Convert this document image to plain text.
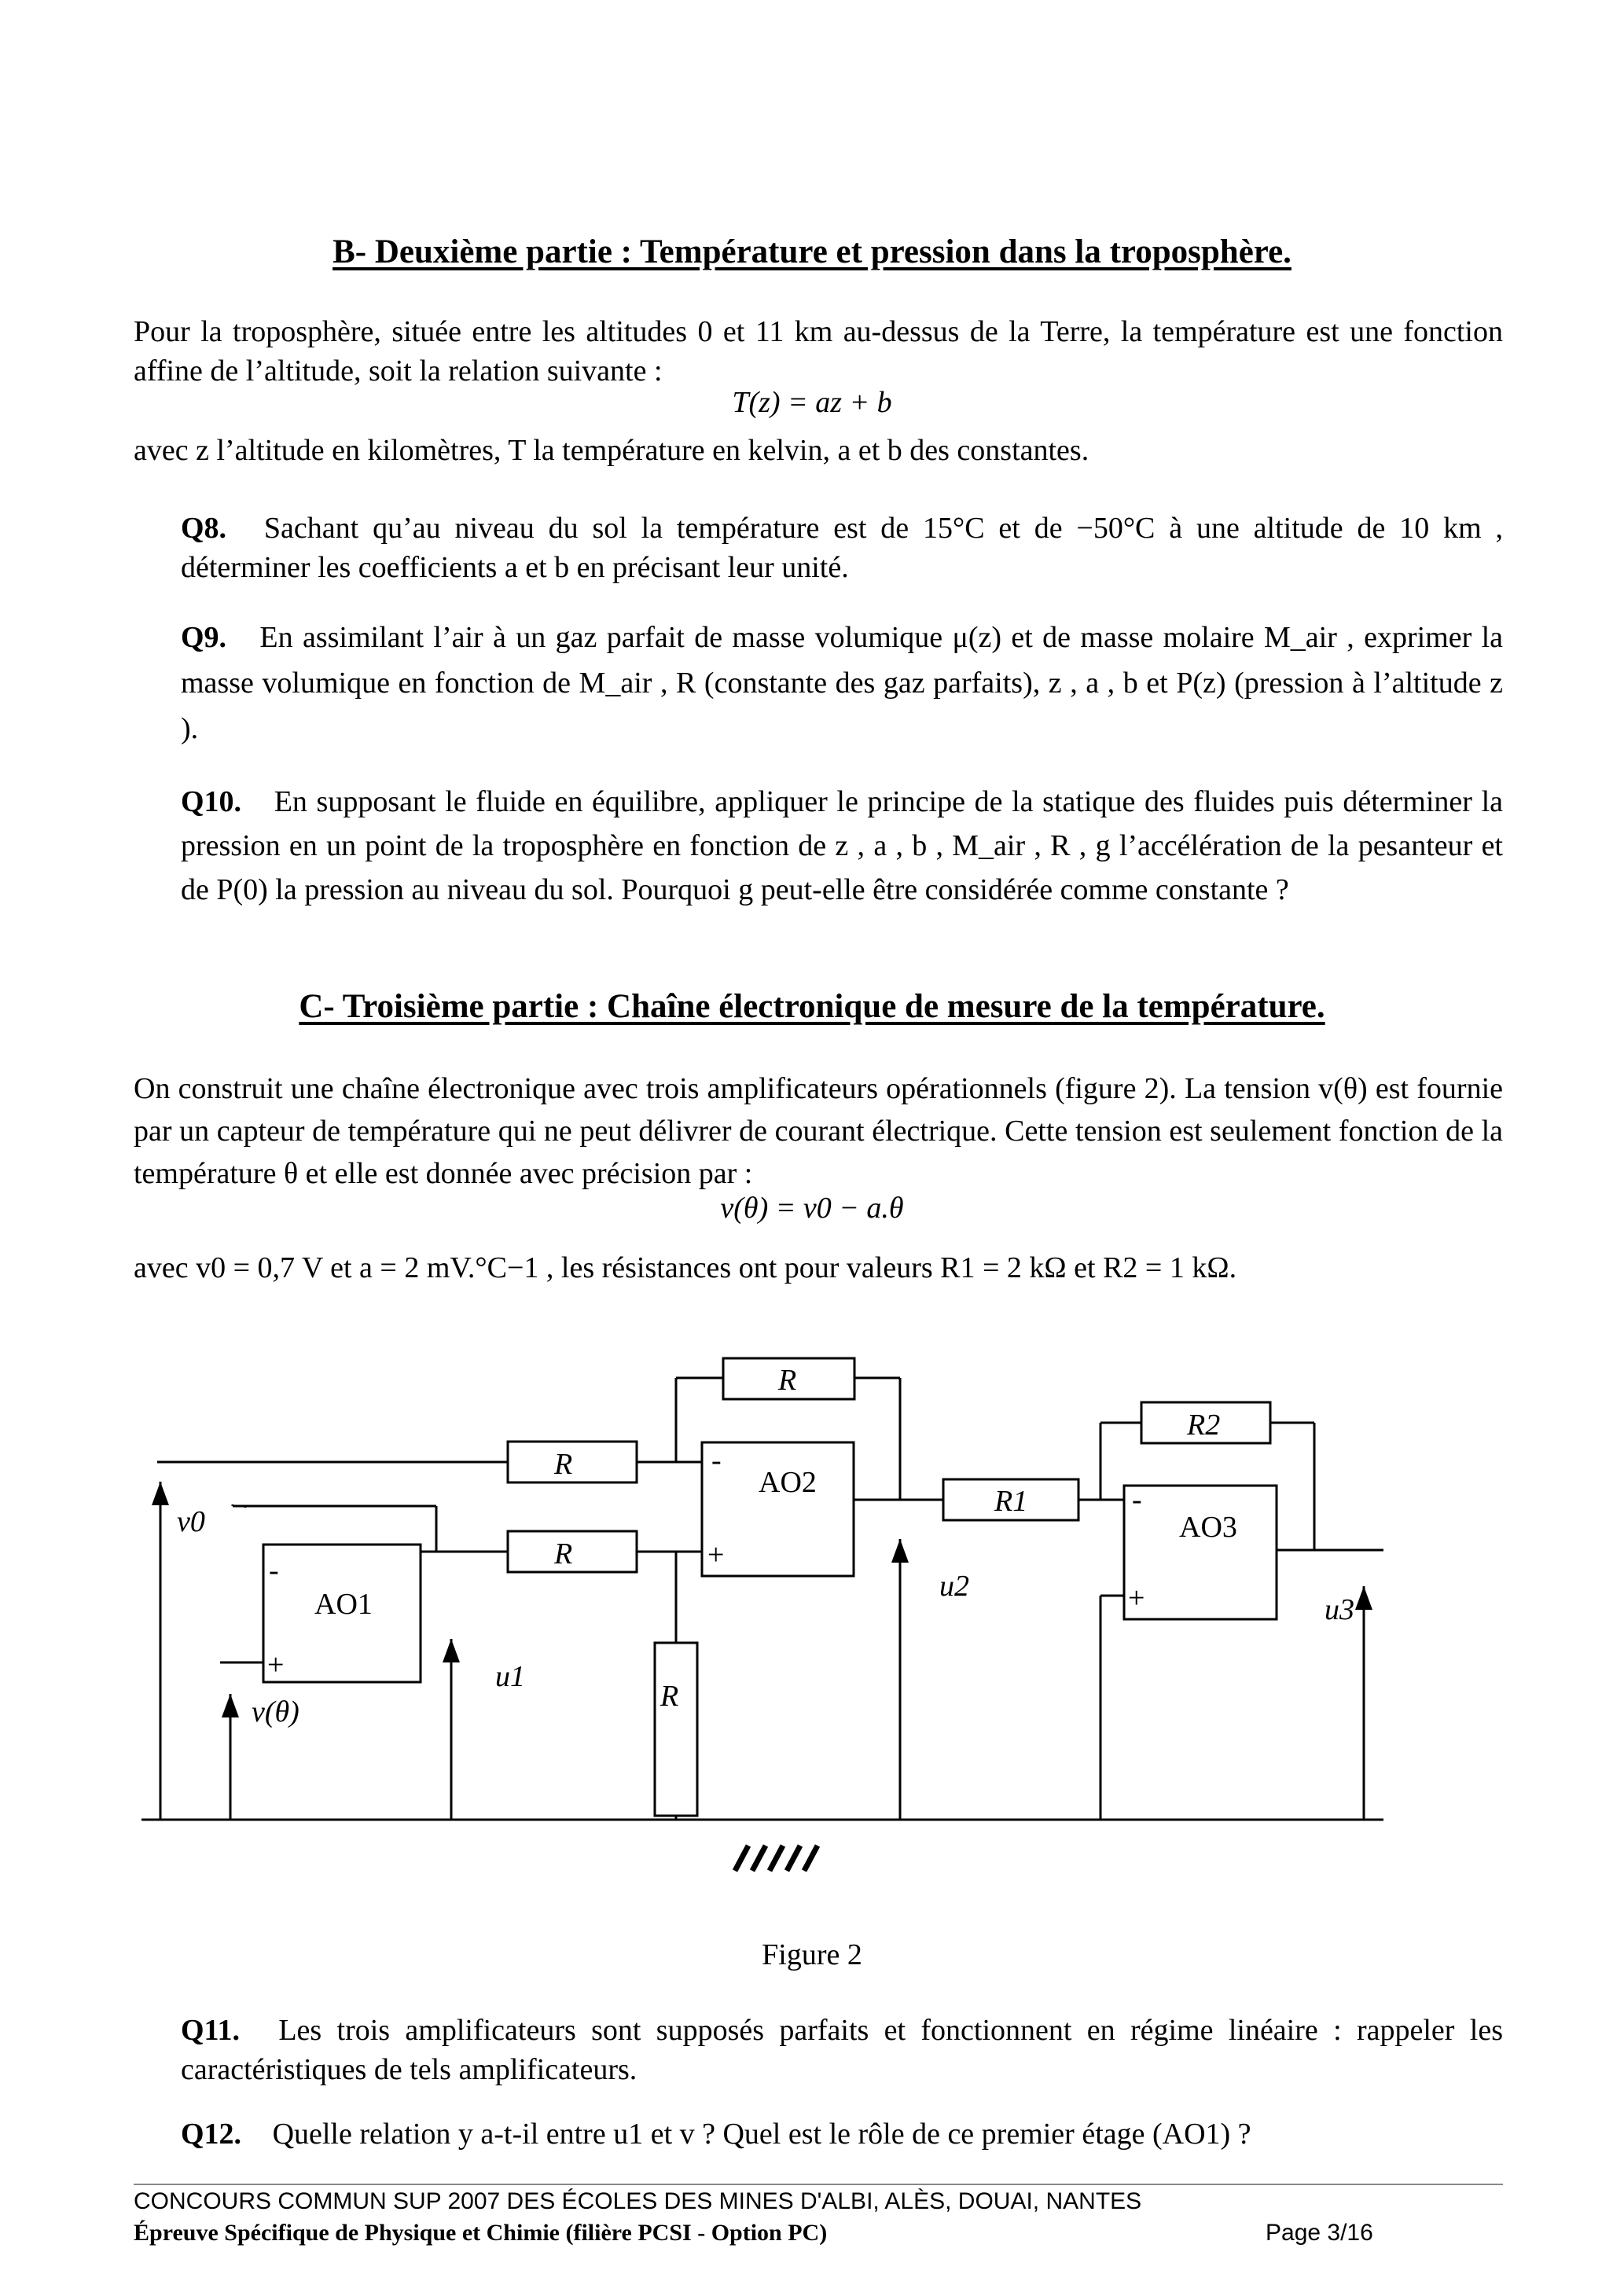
B- Deuxième partie : Température et pression dans la troposphère.
Pour la troposphère, située entre les altitudes 0 et 11 km au-dessus de la Terre, la température est une fonction affine de l’altitude, soit la relation suivante :
T(z) = az + b
avec z l’altitude en kilomètres, T la température en kelvin, a et b des constantes.
Q8. Sachant qu’au niveau du sol la température est de 15°C et de −50°C à une altitude de 10 km , déterminer les coefficients a et b en précisant leur unité.
Q9. En assimilant l’air à un gaz parfait de masse volumique μ(z) et de masse molaire M_air , exprimer la masse volumique en fonction de M_air , R (constante des gaz parfaits), z , a , b et P(z) (pression à l’altitude z ).
Q10. En supposant le fluide en équilibre, appliquer le principe de la statique des fluides puis déterminer la pression en un point de la troposphère en fonction de z , a , b , M_air , R , g l’accélération de la pesanteur et de P(0) la pression au niveau du sol. Pourquoi g peut-elle être considérée comme constante ?
C- Troisième partie : Chaîne électronique de mesure de la température.
On construit une chaîne électronique avec trois amplificateurs opérationnels (figure 2). La tension v(θ) est fournie par un capteur de température qui ne peut délivrer de courant électrique. Cette tension est seulement fonction de la température θ et elle est donnée avec précision par :
v(θ) = v0 − a.θ
avec v0 = 0,7 V et a = 2 mV.°C−1 , les résistances ont pour valeurs R1 = 2 kΩ et R2 = 1 kΩ.
R
R
R
R1
R2
R
AO1
AO2
AO3
-
+
-
+
-
+
v0
v(θ)
u1
u2
u3
Figure 2
Q11. Les trois amplificateurs sont supposés parfaits et fonctionnent en régime linéaire : rappeler les caractéristiques de tels amplificateurs.
Q12. Quelle relation y a-t-il entre u1 et v ? Quel est le rôle de ce premier étage (AO1) ?
CONCOURS COMMUN SUP 2007 DES ÉCOLES DES MINES D'ALBI, ALÈS, DOUAI, NANTES
Épreuve Spécifique de Physique et Chimie (filière PCSI - Option PC)	Page 3/16
